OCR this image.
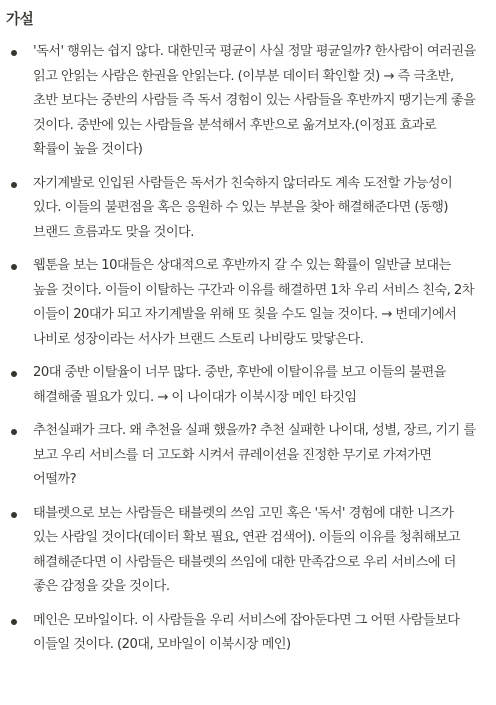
가설
'독서' 행위는 쉽지 않다. 대한민국 평균이 사실 정말 평균일까? 한사람이 여러권을 읽고 안읽는 사람은 한권을 안읽는다. (이부분 데이터 확인할 것) → 즉 극초반, 초반 보다는 중반의 사람들 즉 독서 경험이 있는 사람들을 후반까지 땡기는게 좋을 것이다. 중반에 있는 사람들을 분석해서 후반으로 옮겨보자.(이정표 효과로 확률이 높을 것이다)
자기계발로 인입된 사람들은 독서가 친숙하지 않더라도 계속 도전할 가능성이 있다. 이들의 불편점을 혹은 응원하 수 있는 부분을 찾아 해결해준다면 (동행) 브랜드 흐름과도 맞을 것이다.
웹툰을 보는 10대들은 상대적으로 후반까지 갈 수 있는 확률이 일반글 보대는 높을 것이다. 이들이 이탈하는 구간과 이유를 해결하면 1차 우리 서비스 친숙, 2차 이들이 20대가 되고 자기계발을 위해 또 칮을 수도 일늘 것이다. → 번데기에서 나비로 성장이라는 서사가 브랜드 스토리 나비랑도 맞닿은다.
20대 중반 이탈율이 너무 많다. 중반, 후반에 이탈이유를 보고 이들의 불편을 해결해줄 필요가 있디. → 이 나이대가 이북시장 메인 타깃임
추천실패가 크다. 왜 추천을 실패 했을까? 추천 실패한 나이대, 성별, 장르, 기기 를 보고 우리 서비스를 더 고도화 시켜서 큐레이션을 진정한 무기로 가져가면 어떨까?
태블렛으로 보는 사람들은 태블렛의 쓰임 고민 혹은 '독서' 경험에 대한 니즈가 있는 사람일 것이다(데이터 확보 필요, 연관 검색어). 이들의 이유를 청취해보고 해결해준다면 이 사람들은 태블렛의 쓰임에 대한 만족감으로 우리 서비스에 더 좋은 감정을 갖을 것이다.
메인은 모바일이다. 이 사람들을 우리 서비스에 잡아둔다면 그 어떤 사람들보다 이들일 것이다. (20대, 모바일이 이북시장 메인)
